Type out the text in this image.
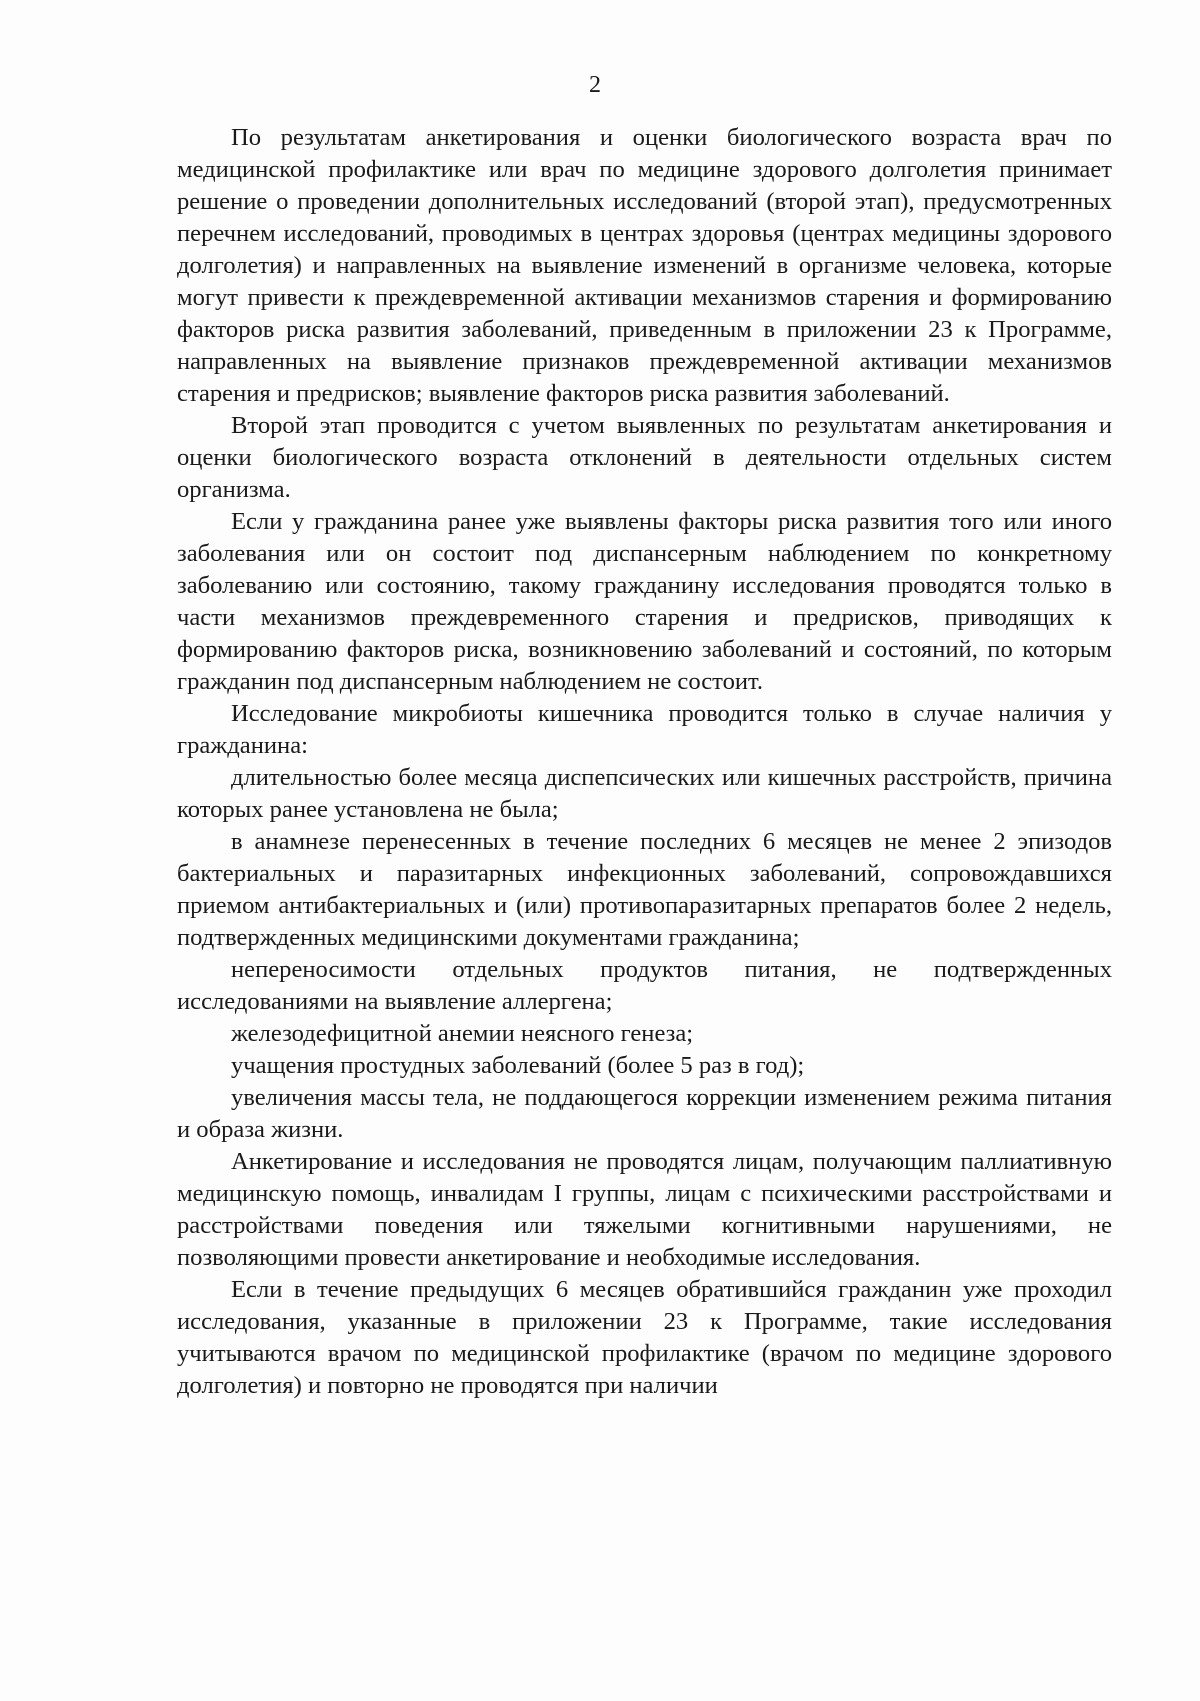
2

По результатам анкетирования и оценки биологического возраста врач по медицинской профилактике или врач по медицине здорового долголетия принимает решение о проведении дополнительных исследований (второй этап), предусмотренных перечнем исследований, проводимых в центрах здоровья (центрах медицины здорового долголетия) и направленных на выявление изменений в организме человека, которые могут привести к преждевременной активации механизмов старения и формированию факторов риска развития заболеваний, приведенным в приложении 23 к Программе, направленных на выявление признаков преждевременной активации механизмов старения и предрисков; выявление факторов риска развития заболеваний.

Второй этап проводится с учетом выявленных по результатам анкетирования и оценки биологического возраста отклонений в деятельности отдельных систем организма.

Если у гражданина ранее уже выявлены факторы риска развития того или иного заболевания или он состоит под диспансерным наблюдением по конкретному заболеванию или состоянию, такому гражданину исследования проводятся только в части механизмов преждевременного старения и предрисков, приводящих к формированию факторов риска, возникновению заболеваний и состояний, по которым гражданин под диспансерным наблюдением не состоит.

Исследование микробиоты кишечника проводится только в случае наличия у гражданина:

длительностью более месяца диспепсических или кишечных расстройств, причина которых ранее установлена не была;

в анамнезе перенесенных в течение последних 6 месяцев не менее 2 эпизодов бактериальных и паразитарных инфекционных заболеваний, сопровождавшихся приемом антибактериальных и (или) противопаразитарных препаратов более 2 недель, подтвержденных медицинскими документами гражданина;

непереносимости отдельных продуктов питания, не подтвержденных исследованиями на выявление аллергена;

железодефицитной анемии неясного генеза;

учащения простудных заболеваний (более 5 раз в год);

увеличения массы тела, не поддающегося коррекции изменением режима питания и образа жизни.

Анкетирование и исследования не проводятся лицам, получающим паллиативную медицинскую помощь, инвалидам I группы, лицам с психическими расстройствами и расстройствами поведения или тяжелыми когнитивными нарушениями, не позволяющими провести анкетирование и необходимые исследования.

Если в течение предыдущих 6 месяцев обратившийся гражданин уже проходил исследования, указанные в приложении 23 к Программе, такие исследования учитываются врачом по медицинской профилактике (врачом по медицине здорового долголетия) и повторно не проводятся при наличии
